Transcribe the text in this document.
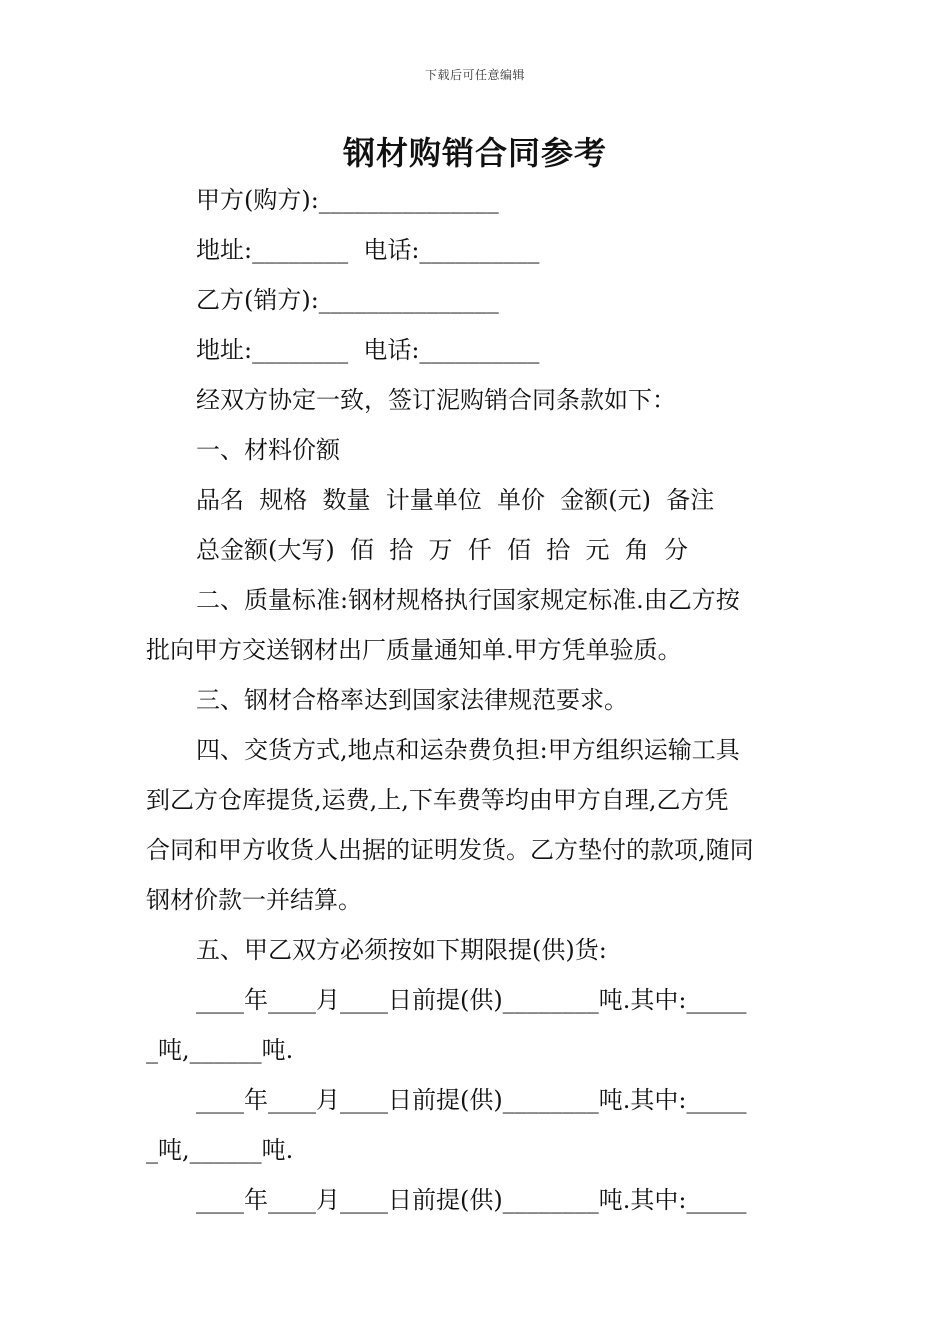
下载后可任意编辑
钢材购销合同参考
甲方(购方):_______________
地址:________  电话:__________
乙方(销方):_______________
地址:________  电话:__________
经双方协定一致，签订泥购销合同条款如下：
一、材料价额
品名  规格  数量  计量单位  单价  金额(元)  备注
总金额(大写)  佰  拾  万  仟  佰  拾  元  角  分
二、质量标准:钢材规格执行国家规定标准.由乙方按
批向甲方交送钢材出厂质量通知单.甲方凭单验质。
三、钢材合格率达到国家法律规范要求。
四、交货方式,地点和运杂费负担:甲方组织运输工具
到乙方仓库提货,运费,上,下车费等均由甲方自理,乙方凭
合同和甲方收货人出据的证明发货。乙方垫付的款项,随同
钢材价款一并结算。
五、甲乙双方必须按如下期限提(供)货:
____年____月____日前提(供)________吨.其中:_____
_吨,______吨.
____年____月____日前提(供)________吨.其中:_____
_吨,______吨.
____年____月____日前提(供)________吨.其中:_____
